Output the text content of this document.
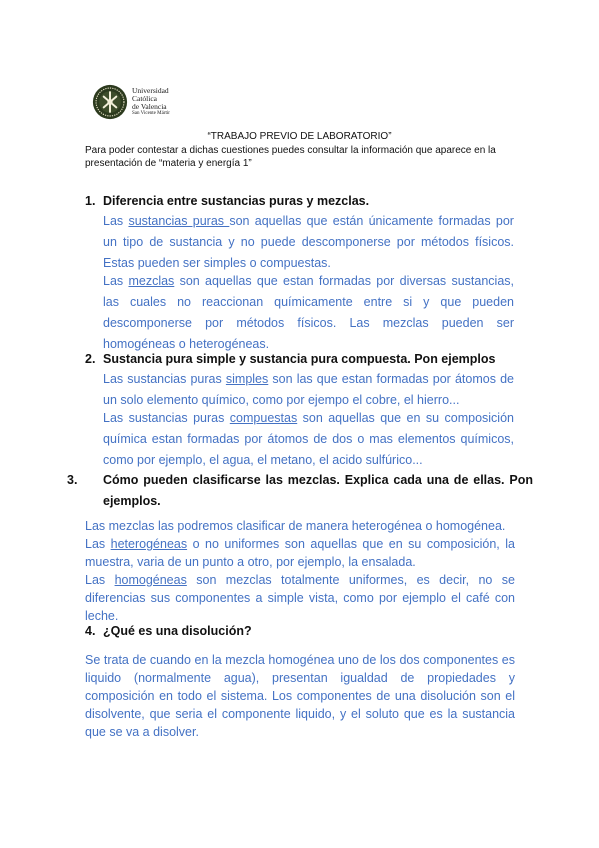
Universidad
Católica
de Valencia
San Vicente Mártir
“TRABAJO PREVIO DE LABORATORIO”
Para poder contestar a dichas cuestiones puedes consultar la información que aparece en la presentación de “materia y energía 1”
1. Diferencia entre sustancias puras y mezclas.
Las sustancias puras son aquellas que están únicamente formadas por un tipo de sustancia y no puede descomponerse por métodos físicos. Estas pueden ser simples o compuestas.
Las mezclas son aquellas que estan formadas por diversas sustancias, las cuales no reaccionan químicamente entre si y que pueden descomponerse por métodos físicos. Las mezclas pueden ser homogéneas o heterogéneas.
2. Sustancia pura simple y sustancia pura compuesta. Pon ejemplos
Las sustancias puras simples son las que estan formadas por átomos de un solo elemento químico, como por ejempo el cobre, el hierro...
Las sustancias puras compuestas son aquellas que en su composición química estan formadas por átomos de dos o mas elementos químicos, como por ejemplo, el agua, el metano, el acido sulfúrico...
3. Cómo pueden clasificarse las mezclas. Explica cada una de ellas. Pon ejemplos.
Las mezclas las podremos clasificar de manera heterogénea o homogénea.
Las heterogéneas o no uniformes son aquellas que en su composición, la muestra, varia de un punto a otro, por ejemplo, la ensalada.
Las homogéneas son mezclas totalmente uniformes, es decir, no se diferencias sus componentes a simple vista, como por ejemplo el café con leche.
4. ¿Qué es una disolución?
Se trata de cuando en la mezcla homogénea uno de los dos componentes es liquido (normalmente agua), presentan igualdad de propiedades y composición en todo el sistema. Los componentes de una disolución son el disolvente, que seria el componente liquido, y el soluto que es la sustancia que se va a disolver.
